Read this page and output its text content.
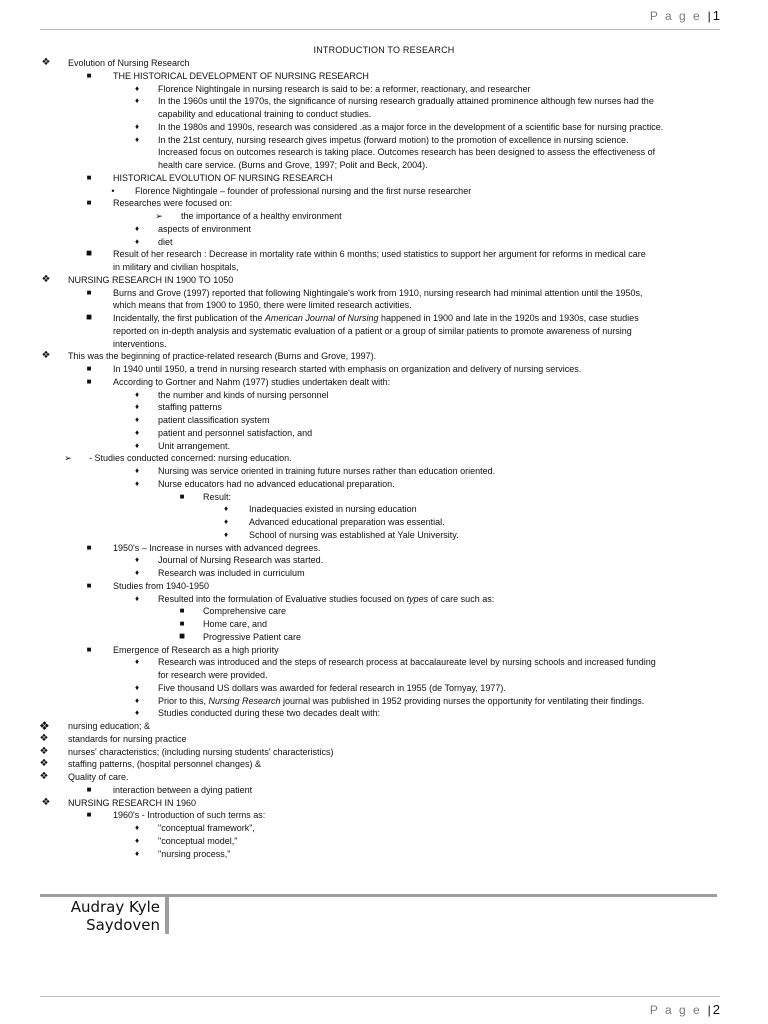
P a g e | 1
INTRODUCTION TO RESEARCH
❖ Evolution of Nursing Research
■ THE HISTORICAL DEVELOPMENT OF NURSING RESEARCH
♦	Florence Nightingale in nursing research is said to be: a reformer, reactionary, and researcher
♦	In the 1960s until the 1970s, the significance of nursing research gradually attained prominence although few nurses had the
capability and educational training to conduct studies.
♦	In the 1980s and 1990s, research was considered .as a major force in the development of a scientific base for nursing practice.
♦	In the 21st century, nursing research gives impetus (forward motion) to the promotion of excellence in nursing science.
Increased focus on outcomes research is taking place. Outcomes research has been designed to assess the effectiveness of
health care service. (Burns and Grove, 1997; Polit and Beck, 2004).
■ HISTORICAL EVOLUTION OF NURSING RESEARCH
•	Florence Nightingale – founder of professional nursing and the first nurse researcher
■ Researches were focused on:
➢ the importance of a healthy environment
♦	aspects of environment
♦	diet
■ Result of her research : Decrease in mortality rate within 6 months; used statistics to support her argument for reforms in medical care
in military and civilian hospitals,
❖ NURSING RESEARCH IN 1900 TO 1050
■ Burns and Grove (1997) reported that following Nightingale's work from 1910, nursing research had minimal attention until the 1950s,
which means that from 1900 to 1950, there were limited research activities.
■ Incidentally, the first publication of the American Journal of Nursing happened in 1900 and late in the 1920s and 1930s, case studies
reported on in-depth analysis and systematic evaluation of a patient or a group of similar patients to promote awareness of nursing
interventions.
❖ This was the beginning of practice-related research (Burns and Grove, 1997).
■ In 1940 until 1950, a trend in nursing research started with emphasis on organization and delivery of nursing services.
■ According to Gortner and Nahm (1977) studies undertaken dealt with:
♦	the number and kinds of nursing personnel
♦	staffing patterns
♦	patient classification system
♦	patient and personnel satisfaction, and
♦	Unit arrangement.
➢ - Studies conducted concerned: nursing education.
♦	Nursing was service oriented in training future nurses rather than education oriented.
♦	Nurse educators had no advanced educational preparation.
■ Result:
♦	Inadequacies existed in nursing education
♦	Advanced educational preparation was essential.
♦	School of nursing was established at Yale University.
■ 1950's – Increase in nurses with advanced degrees.
♦	Journal of Nursing Research was started.
♦	Research was included in curriculum
■ Studies from 1940-1950
♦	Resulted into the formulation of Evaluative studies focused on types of care such as:
■ Comprehensive care
■ Home care, and
■ Progressive Patient care
■ Emergence of Research as a high priority
♦	Research was introduced and the steps of research process at baccalaureate level by nursing schools and increased funding
for research were provided.
♦	Five thousand US dollars was awarded for federal research in 1955 (de Tornyay, 1977).
♦	Prior to this, Nursing Research journal was published in 1952 providing nurses the opportunity for ventilating their findings.
♦	Studies conducted during these two decades dealt with:
❖ nursing education; &
❖ standards for nursing practice
❖ nurses' characteristics; (including nursing students' characteristics)
❖ staffing patterns, (hospital personnel changes) &
❖ Quality of care.
■ interaction between a dying patient
❖ NURSING RESEARCH IN 1960
■ 1960's - Introduction of such terms as:
♦	"conceptual framework",
♦	"conceptual model,"
♦	"nursing process,"
Audray Kyle
Saydoven
P a g e | 2
